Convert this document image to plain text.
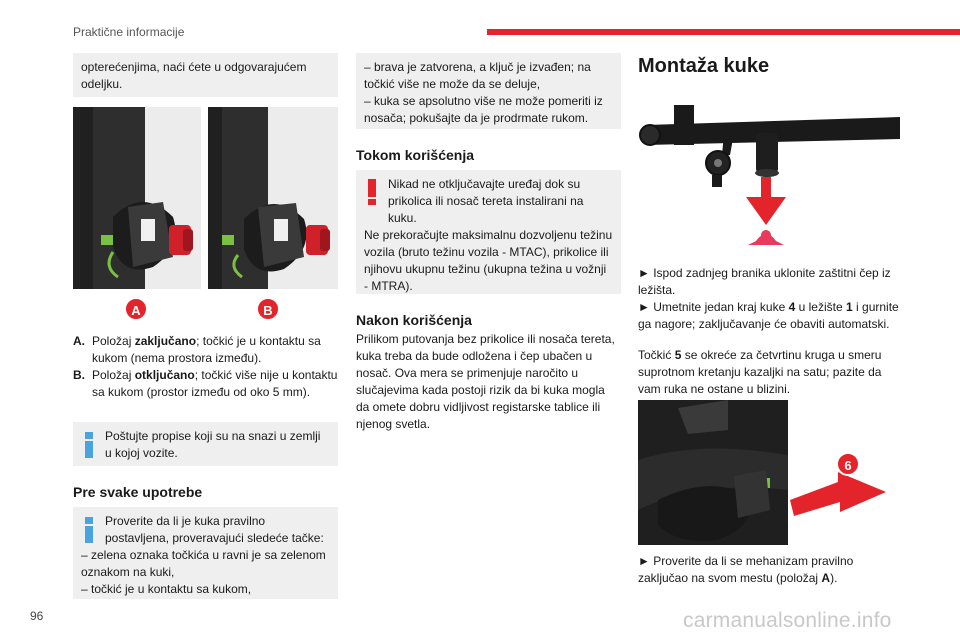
Praktične informacije
96	carmanualsonline.info
opterećenjima, naći ćete u odgovarajućem odeljku.
A	B
A. Položaj zaključano; točkić je u kontaktu sa kukom (nema prostora između).
B. Položaj otključano; točkić više nije u kontaktu sa kukom (prostor između od oko 5 mm).
Poštujte propise koji su na snazi u zemlji u kojoj vozite.
Pre svake upotrebe
Proverite da li je kuka pravilno postavljena, proveravajući sledeće tačke:
– zelena oznaka točkića u ravni je sa zelenom oznakom na kuki,
– točkić je u kontaktu sa kukom,
– brava je zatvorena, a ključ je izvađen; na točkić više ne može da se deluje,
– kuka se apsolutno više ne može pomeriti iz nosača; pokušajte da je prodrmate rukom.
Tokom korišćenja
Nikad ne otključavajte uređaj dok su prikolica ili nosač tereta instalirani na kuku.
Ne prekoračujte maksimalnu dozvoljenu težinu vozila (bruto težinu vozila - MTAC), prikolice ili njihovu ukupnu težinu (ukupna težina u vožnji - MTRA).
Nakon korišćenja
Prilikom putovanja bez prikolice ili nosača tereta, kuka treba da bude odložena i čep ubačen u nosač. Ova mera se primenjuje naročito u slučajevima kada postoji rizik da bi kuka mogla da omete dobru vidljivost registarske tablice ili njenog svetla.
Montaža kuke
► Ispod zadnjeg branika uklonite zaštitni čep iz ležišta.
► Umetnite jedan kraj kuke 4 u ležište 1 i gurnite ga nagore; zaključavanje će obaviti automatski.
Točkić 5 se okreće za četvrtinu kruga u smeru suprotnom kretanju kazaljki na satu; pazite da vam ruka ne ostane u blizini.
6
► Proverite da li se mehanizam pravilno zaključao na svom mestu (položaj A).
